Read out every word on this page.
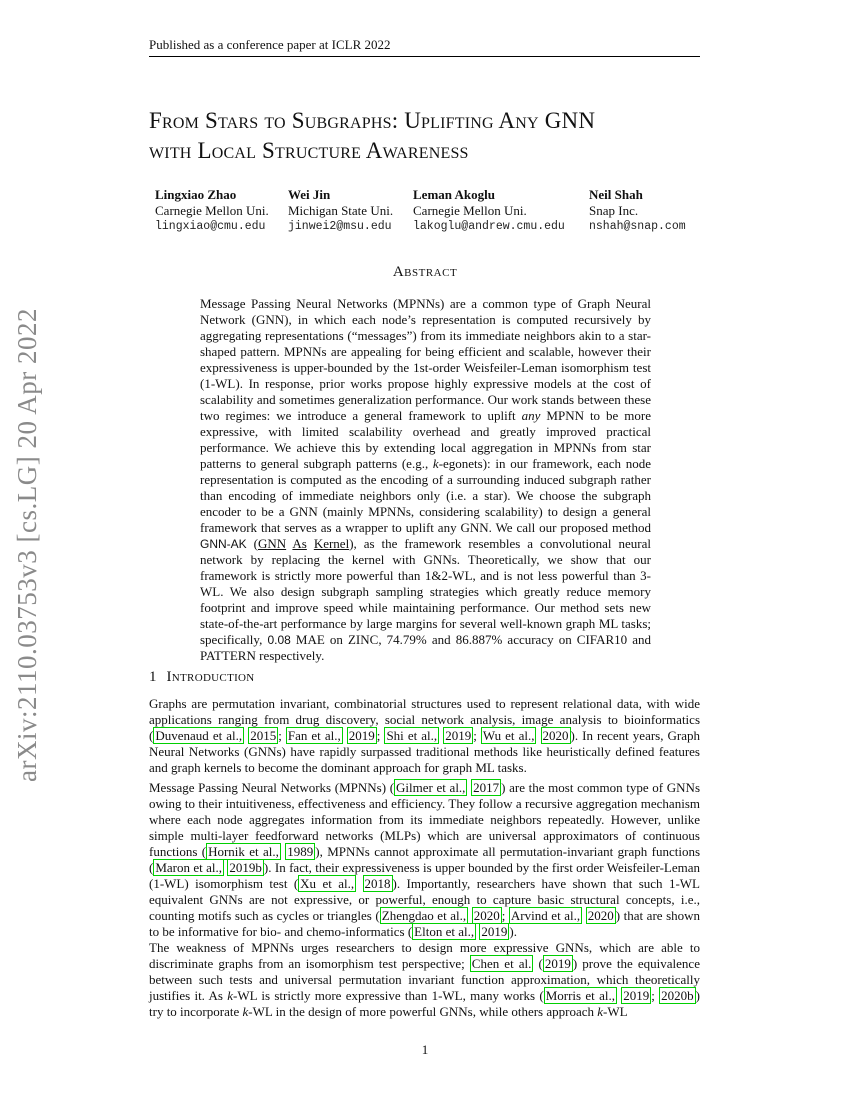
Published as a conference paper at ICLR 2022
From Stars to Subgraphs: Uplifting Any GNN
with Local Structure Awareness
Lingxiao Zhao
Carnegie Mellon Uni.
lingxiao@cmu.edu
Wei Jin
Michigan State Uni.
jinwei2@msu.edu
Leman Akoglu
Carnegie Mellon Uni.
lakoglu@andrew.cmu.edu
Neil Shah
Snap Inc.
nshah@snap.com
Abstract
Message Passing Neural Networks (MPNNs) are a common type of Graph Neural Network (GNN), in which each node’s representation is computed recursively by aggregating representations (“messages”) from its immediate neighbors akin to a star-shaped pattern. MPNNs are appealing for being efficient and scalable, however their expressiveness is upper-bounded by the 1st-order Weisfeiler-Leman isomorphism test (1-WL). In response, prior works propose highly expressive models at the cost of scalability and sometimes generalization performance. Our work stands between these two regimes: we introduce a general framework to uplift any MPNN to be more expressive, with limited scalability overhead and greatly improved practical performance. We achieve this by extending local aggregation in MPNNs from star patterns to general subgraph patterns (e.g., k-egonets): in our framework, each node representation is computed as the encoding of a surrounding induced subgraph rather than encoding of immediate neighbors only (i.e. a star). We choose the subgraph encoder to be a GNN (mainly MPNNs, considering scalability) to design a general framework that serves as a wrapper to uplift any GNN. We call our proposed method GNN-AK (GNN As Kernel), as the framework resembles a convolutional neural network by replacing the kernel with GNNs. Theoretically, we show that our framework is strictly more powerful than 1&2-WL, and is not less powerful than 3-WL. We also design subgraph sampling strategies which greatly reduce memory footprint and improve speed while maintaining performance. Our method sets new state-of-the-art performance by large margins for several well-known graph ML tasks; specifically, 0.08 MAE on ZINC, 74.79% and 86.887% accuracy on CIFAR10 and PATTERN respectively.
1 Introduction
Graphs are permutation invariant, combinatorial structures used to represent relational data, with wide applications ranging from drug discovery, social network analysis, image analysis to bioinformatics ( Duvenaud et al., 2015 ; Fan et al., 2019 ; Shi et al., 2019 ; Wu et al., 2020 ). In recent years, Graph Neural Networks (GNNs) have rapidly surpassed traditional methods like heuristically defined features and graph kernels to become the dominant approach for graph ML tasks.
Message Passing Neural Networks (MPNNs) ( Gilmer et al., 2017 ) are the most common type of GNNs owing to their intuitiveness, effectiveness and efficiency. They follow a recursive aggregation mechanism where each node aggregates information from its immediate neighbors repeatedly. However, unlike simple multi-layer feedforward networks (MLPs) which are universal approximators of continuous functions ( Hornik et al., 1989 ), MPNNs cannot approximate all permutation-invariant graph functions ( Maron et al., 2019b ). In fact, their expressiveness is upper bounded by the first order Weisfeiler-Leman (1-WL) isomorphism test ( Xu et al., 2018 ). Importantly, researchers have shown that such 1-WL equivalent GNNs are not expressive, or powerful, enough to capture basic structural concepts, i.e., counting motifs such as cycles or triangles ( Zhengdao et al., 2020 ; Arvind et al., 2020 ) that are shown to be informative for bio- and chemo-informatics ( Elton et al., 2019 ).
The weakness of MPNNs urges researchers to design more expressive GNNs, which are able to discriminate graphs from an isomorphism test perspective; Chen et al. ( 2019 ) prove the equivalence between such tests and universal permutation invariant function approximation, which theoretically justifies it. As k-WL is strictly more expressive than 1-WL, many works ( Morris et al., 2019 ; 2020b ) try to incorporate k-WL in the design of more powerful GNNs, while others approach k-WL
arXiv:2110.03753v3 [cs.LG] 20 Apr 2022
1
